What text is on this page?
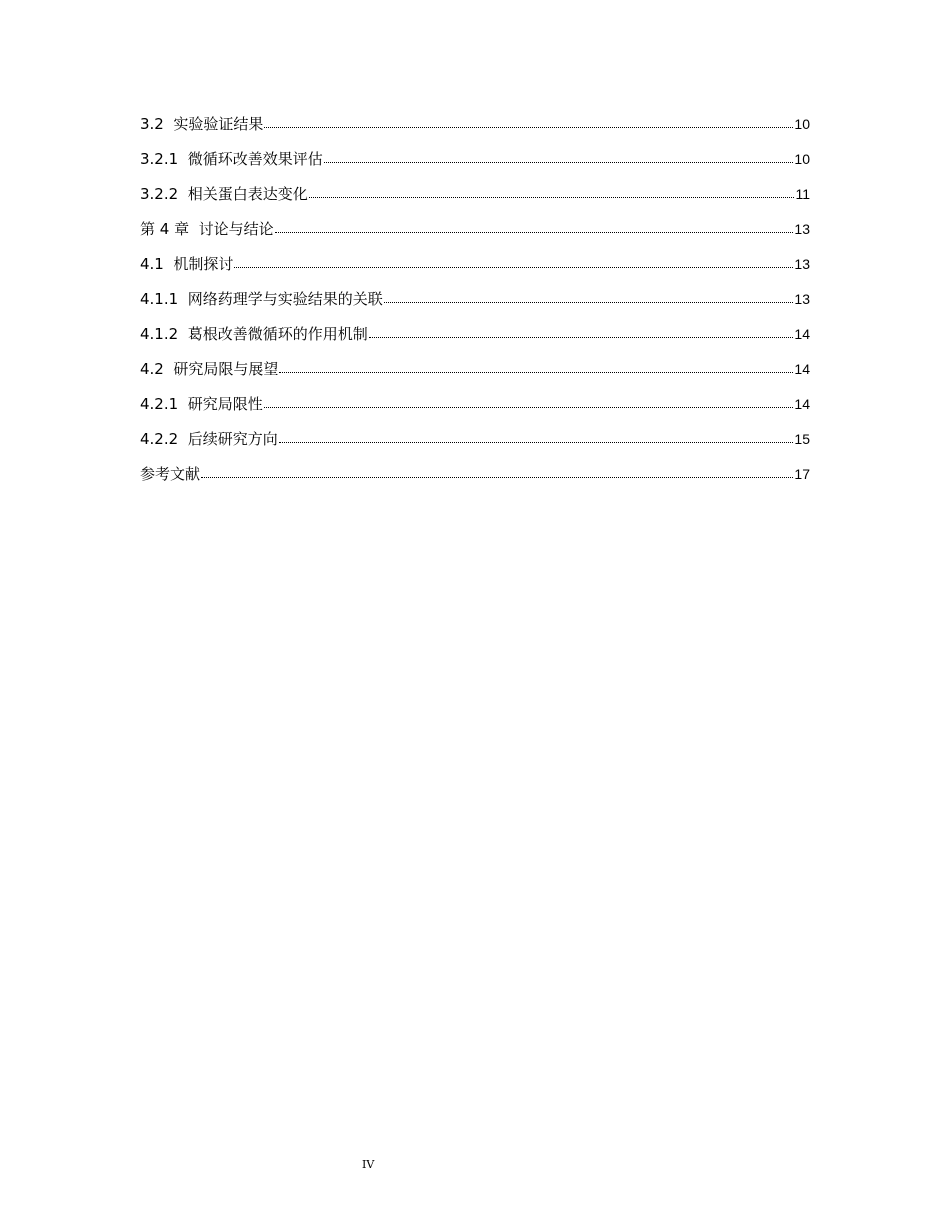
3.2  实验验证结果	10
3.2.1  微循环改善效果评估	10
3.2.2  相关蛋白表达变化	11
第 4 章  讨论与结论	13
4.1  机制探讨	13
4.1.1  网络药理学与实验结果的关联	13
4.1.2  葛根改善微循环的作用机制	14
4.2  研究局限与展望	14
4.2.1  研究局限性	14
4.2.2  后续研究方向	15
参考文献	17
IV
